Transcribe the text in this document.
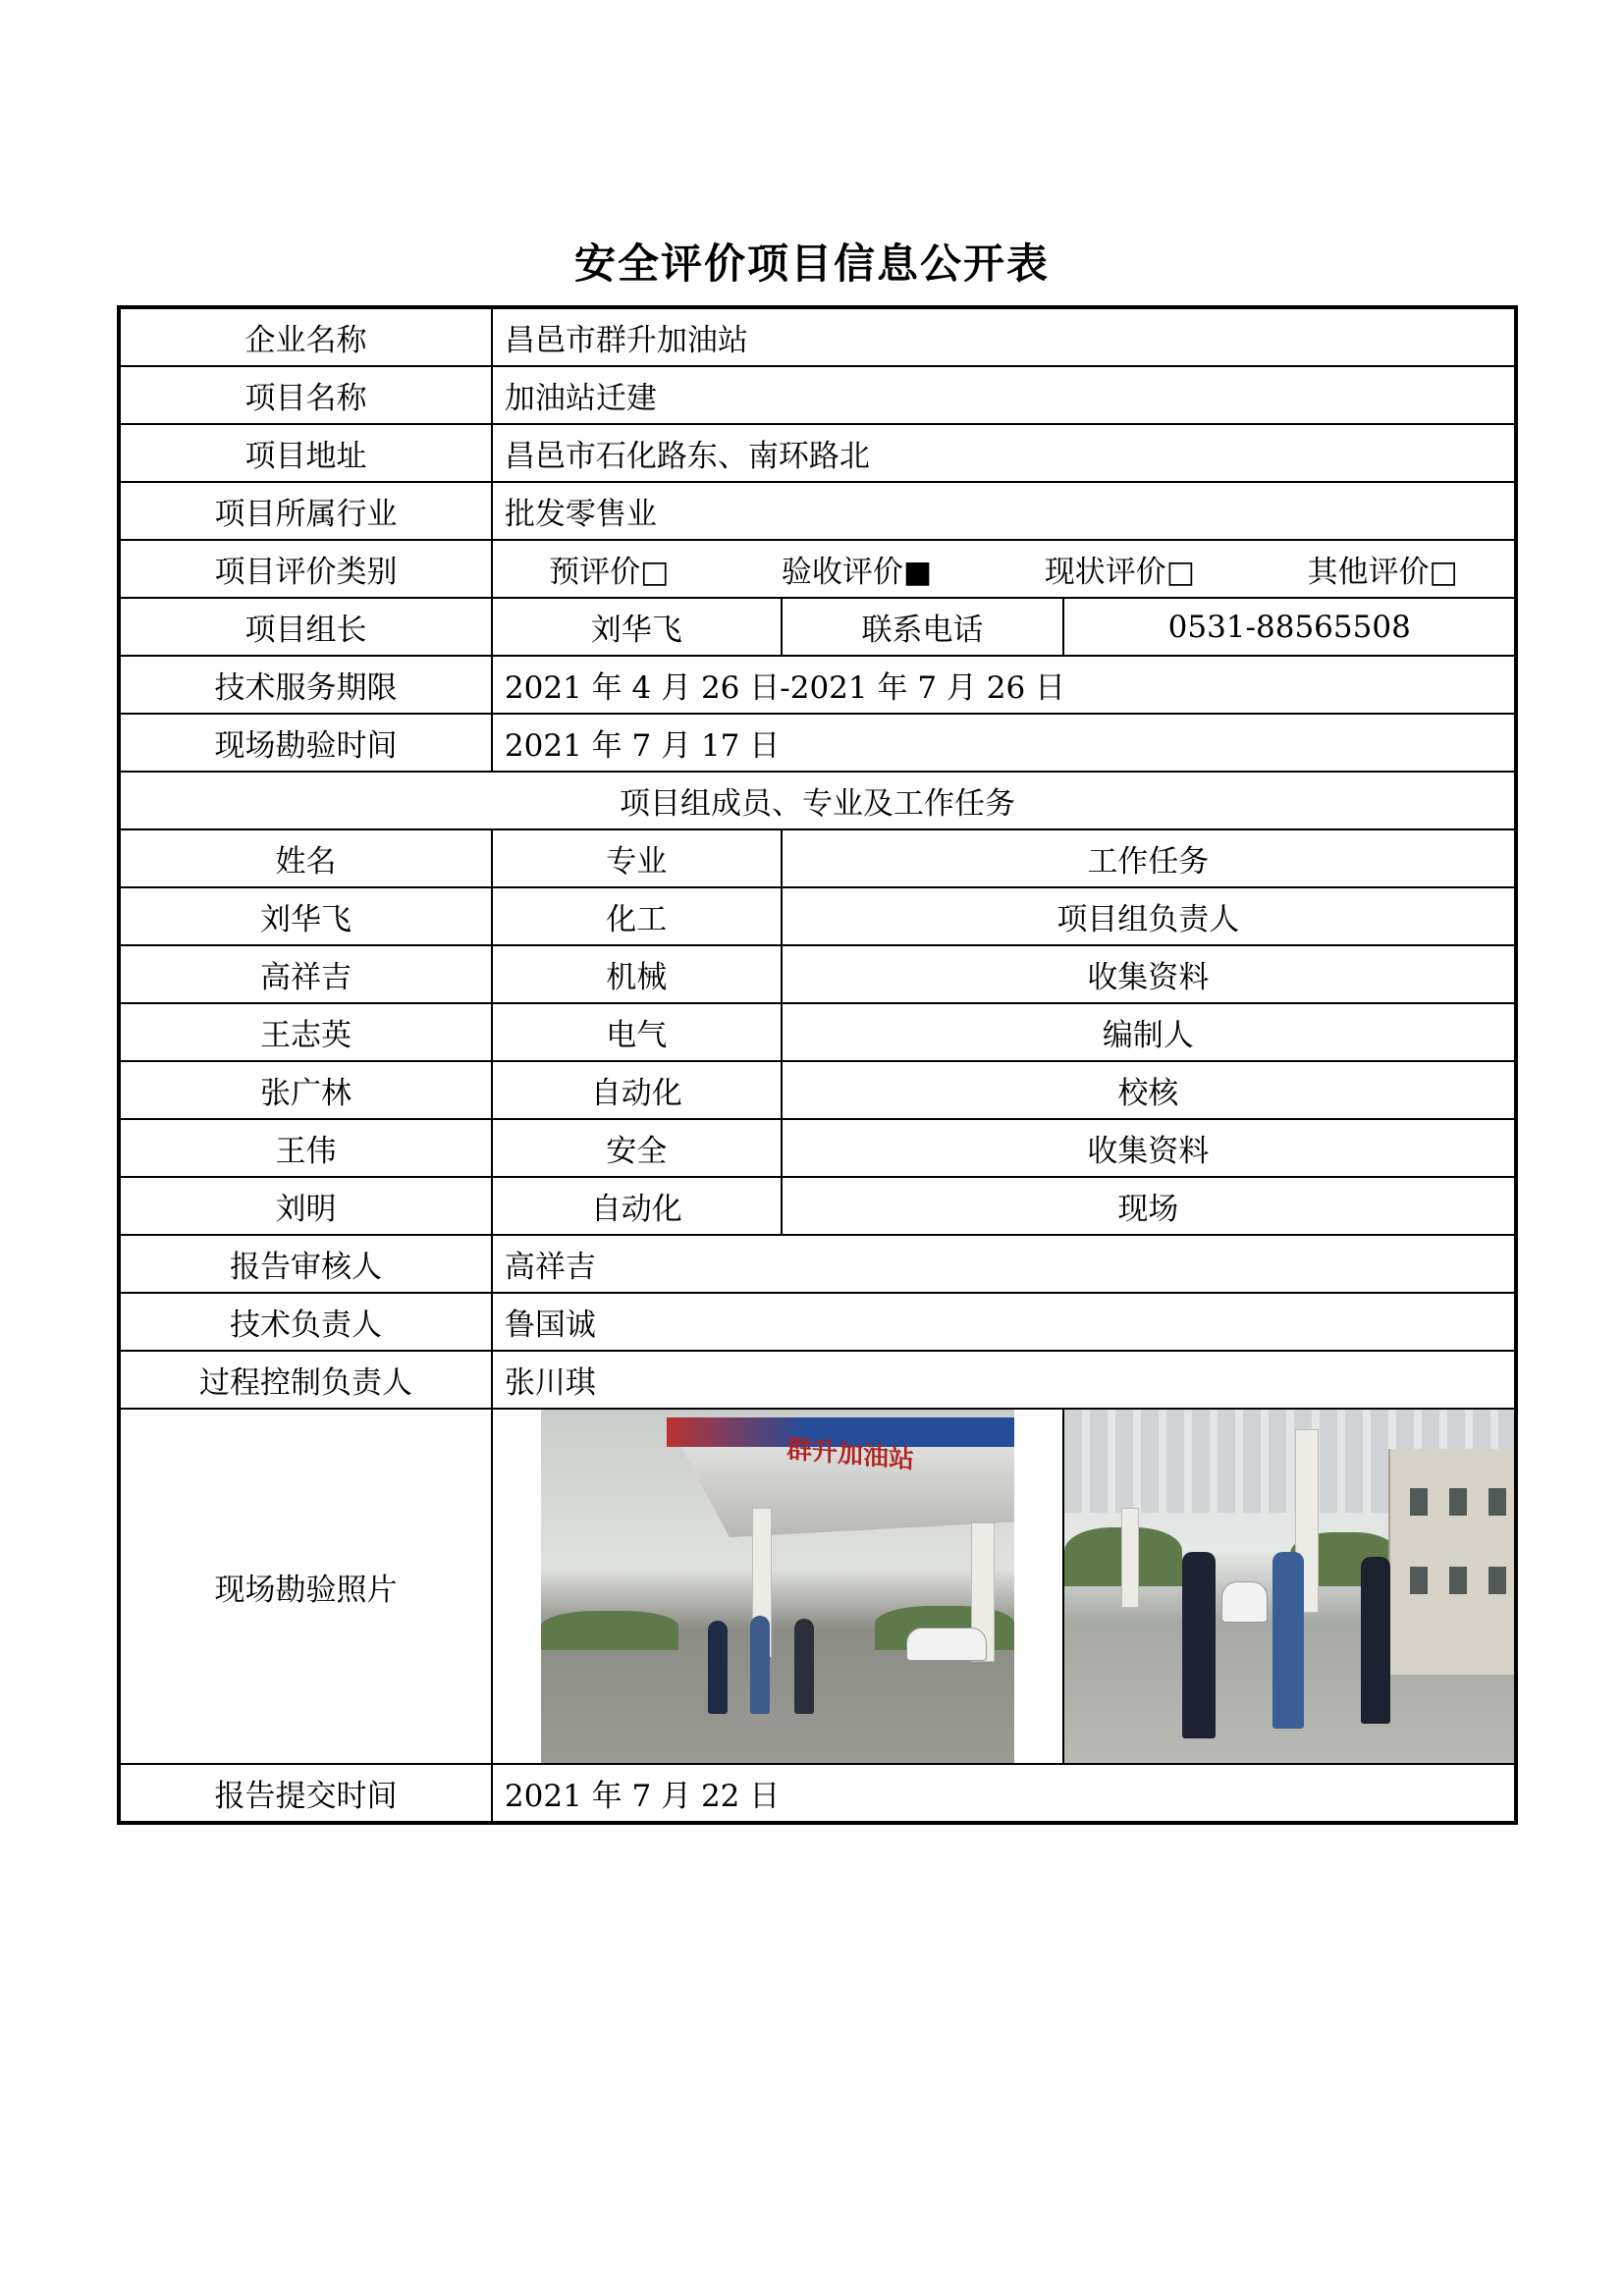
安全评价项目信息公开表
企业名称	昌邑市群升加油站		
项目名称	加油站迁建		
项目地址	昌邑市石化路东、南环路北		
项目所属行业	批发零售业		
项目评价类别	预评价□ 验收评价■ 现状评价□ 其他评价□		

项目组长	刘华飞	联系电话	0531-88565508
技术服务期限	2021 年 4 月 26 日-2021 年 7 月 26 日		
现场勘验时间	2021 年 7 月 17 日		
项目组成员、专业及工作任务			
姓名	专业	工作任务	
刘华飞	化工	项目组负责人	
高祥吉	机械	收集资料	
王志英	电气	编制人	
张广林	自动化	校核	
王伟	安全	收集资料	
刘明	自动化	现场	
报告审核人	高祥吉		
技术负责人	鲁国诚		
过程控制负责人	张川琪		
现场勘验照片	群升加油站		

报告提交时间	2021 年 7 月 22 日		
